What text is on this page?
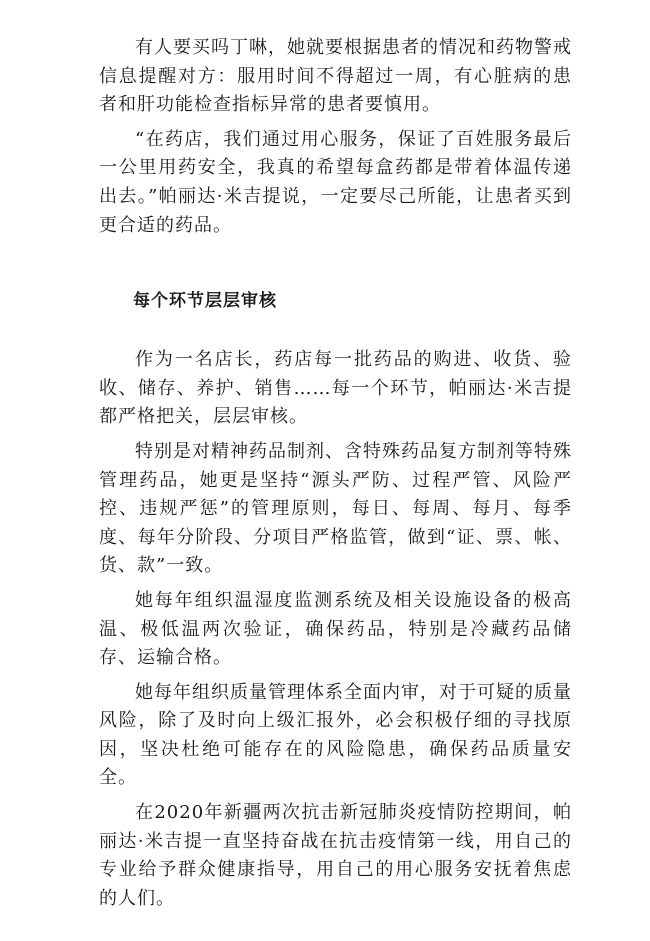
有人要买吗丁啉，她就要根据患者的情况和药物警戒信息提醒对方：服用时间不得超过一周，有心脏病的患者和肝功能检查指标异常的患者要慎用。

“在药店，我们通过用心服务，保证了百姓服务最后一公里用药安全，我真的希望每盒药都是带着体温传递出去。”帕丽达·米吉提说，一定要尽己所能，让患者买到更合适的药品。

每个环节层层审核

作为一名店长，药店每一批药品的购进、收货、验收、储存、养护、销售……每一个环节，帕丽达·米吉提都严格把关，层层审核。

特别是对精神药品制剂、含特殊药品复方制剂等特殊管理药品，她更是坚持“源头严防、过程严管、风险严控、违规严惩”的管理原则，每日、每周、每月、每季度、每年分阶段、分项目严格监管，做到“证、票、帐、货、款”一致。

她每年组织温湿度监测系统及相关设施设备的极高温、极低温两次验证，确保药品，特别是冷藏药品储存、运输合格。

她每年组织质量管理体系全面内审，对于可疑的质量风险，除了及时向上级汇报外，必会积极仔细的寻找原因，坚决杜绝可能存在的风险隐患，确保药品质量安全。

在2020年新疆两次抗击新冠肺炎疫情防控期间，帕丽达·米吉提一直坚持奋战在抗击疫情第一线，用自己的专业给予群众健康指导，用自己的用心服务安抚着焦虑的人们。
